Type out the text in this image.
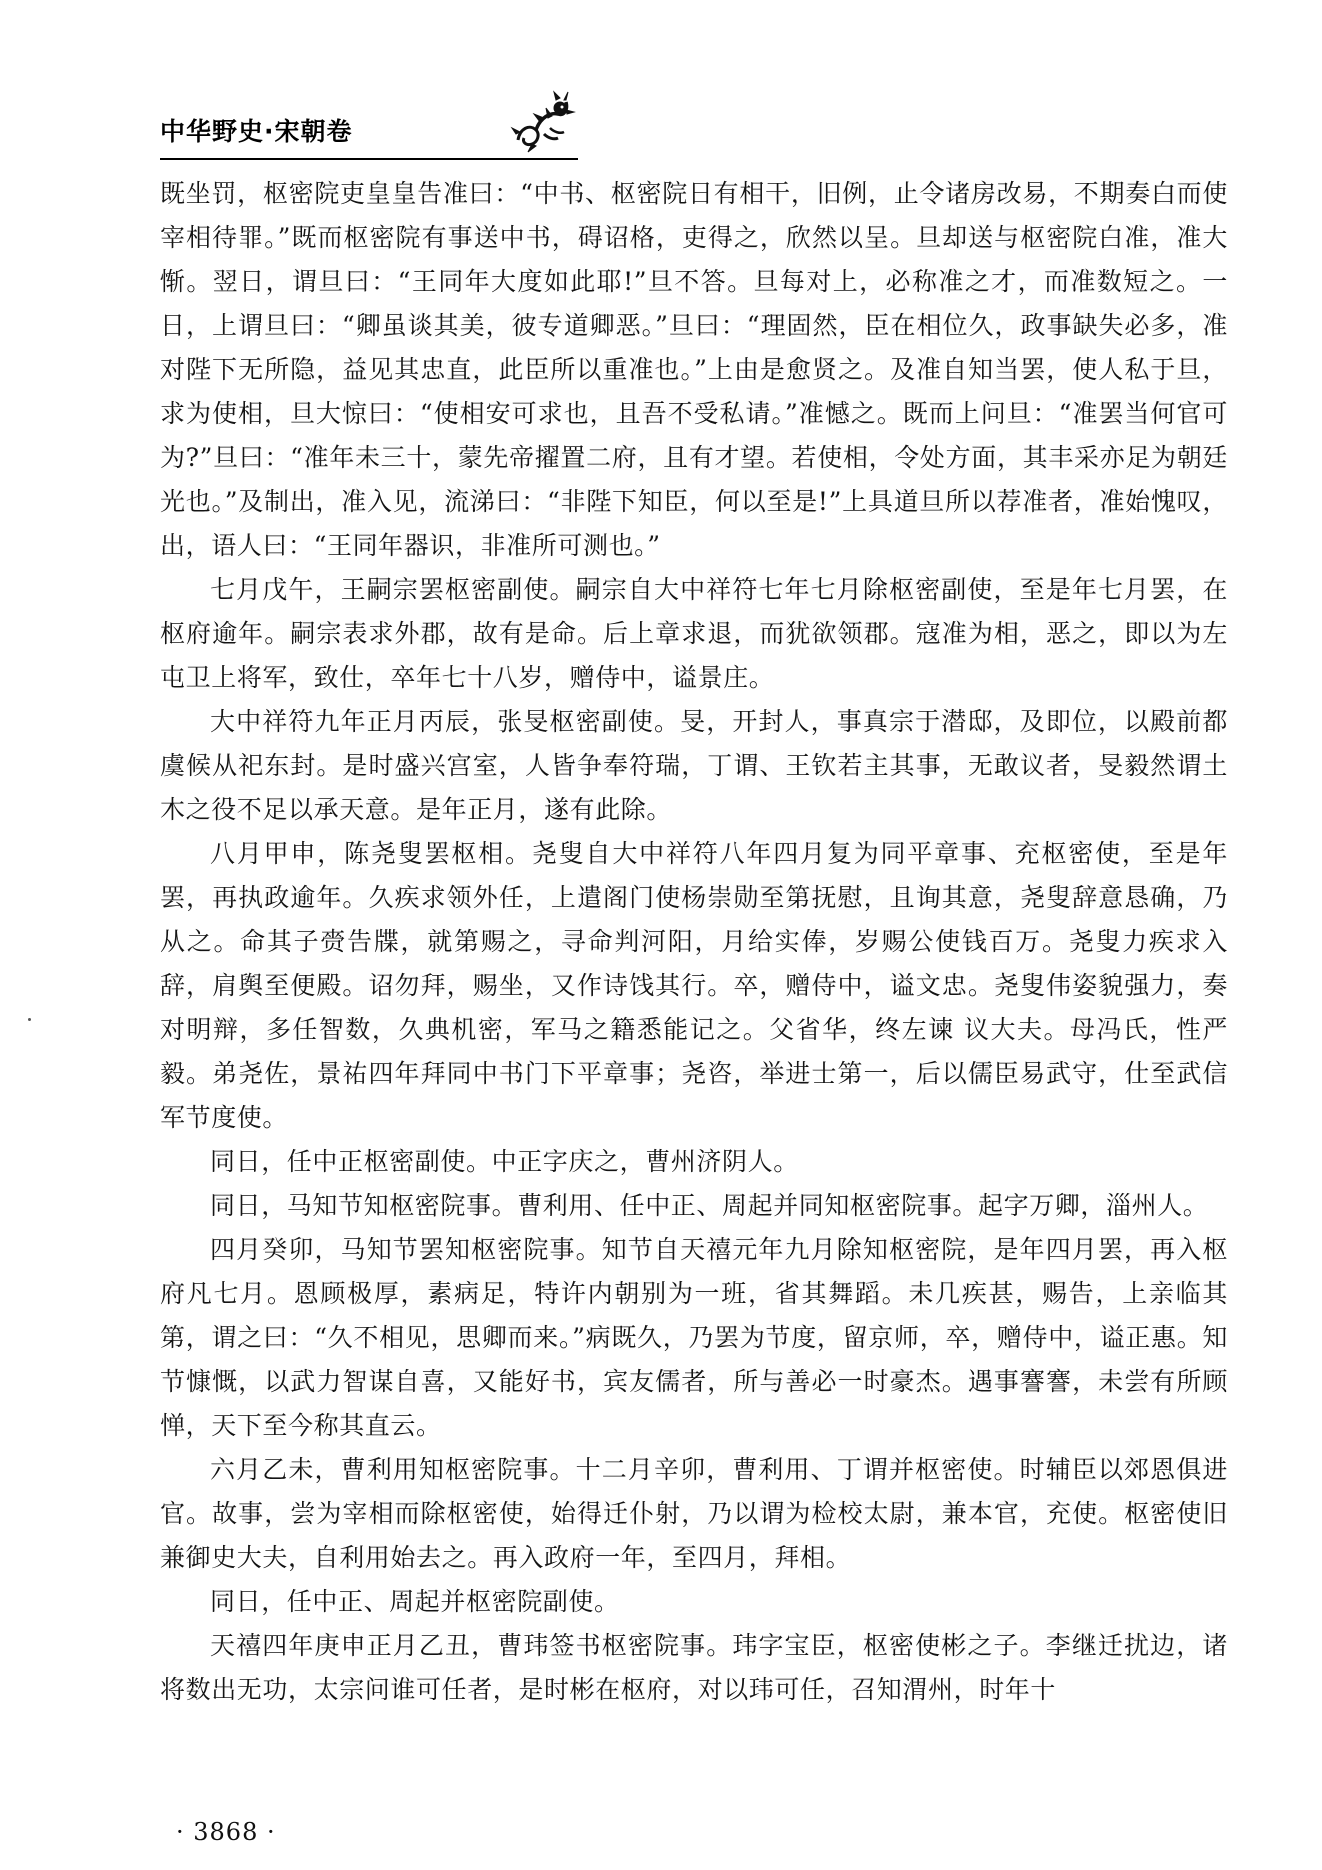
中华野史·宋朝卷

既坐罚，枢密院吏皇皇告准曰：“中书、枢密院日有相干，旧例，止令诸房改易，不期奏白而使宰相待罪。”既而枢密院有事送中书，碍诏格，吏得之，欣然以呈。旦却送与枢密院白准，准大惭。翌日，谓旦曰：“王同年大度如此耶!”旦不答。旦每对上，必称准之才，而准数短之。一日，上谓旦曰：“卿虽谈其美，彼专道卿恶。”旦曰：“理固然，臣在相位久，政事缺失必多，准对陛下无所隐，益见其忠直，此臣所以重准也。”上由是愈贤之。及准自知当罢，使人私于旦，求为使相，旦大惊曰：“使相安可求也，且吾不受私请。”准憾之。既而上问旦：“准罢当何官可为?”旦曰：“准年未三十，蒙先帝擢置二府，且有才望。若使相，令处方面，其丰采亦足为朝廷光也。”及制出，准入见，流涕曰：“非陛下知臣，何以至是!”上具道旦所以荐准者，准始愧叹，出，语人曰：“王同年器识，非准所可测也。”

七月戊午，王嗣宗罢枢密副使。嗣宗自大中祥符七年七月除枢密副使，至是年七月罢，在枢府逾年。嗣宗表求外郡，故有是命。后上章求退，而犹欲领郡。寇准为相，恶之，即以为左屯卫上将军，致仕，卒年七十八岁，赠侍中，谥景庄。

大中祥符九年正月丙辰，张旻枢密副使。旻，开封人，事真宗于潜邸，及即位，以殿前都虞候从祀东封。是时盛兴宫室，人皆争奉符瑞，丁谓、王钦若主其事，无敢议者，旻毅然谓土木之役不足以承天意。是年正月，遂有此除。

八月甲申，陈尧叟罢枢相。尧叟自大中祥符八年四月复为同平章事、充枢密使，至是年罢，再执政逾年。久疾求领外任，上遣阁门使杨崇勋至第抚慰，且询其意，尧叟辞意恳确，乃从之。命其子赍告牒，就第赐之，寻命判河阳，月给实俸，岁赐公使钱百万。尧叟力疾求入辞，肩舆至便殿。诏勿拜，赐坐，又作诗饯其行。卒，赠侍中，谥文忠。尧叟伟姿貌强力，奏对明辩，多任智数，久典机密，军马之籍悉能记之。父省华，终左谏 议大夫。母冯氏，性严毅。弟尧佐，景祐四年拜同中书门下平章事；尧咨，举进士第一，后以儒臣易武守，仕至武信军节度使。

同日，任中正枢密副使。中正字庆之，曹州济阴人。

同日，马知节知枢密院事。曹利用、任中正、周起并同知枢密院事。起字万卿，淄州人。

四月癸卯，马知节罢知枢密院事。知节自天禧元年九月除知枢密院，是年四月罢，再入枢府凡七月。恩顾极厚，素病足，特许内朝别为一班，省其舞蹈。未几疾甚，赐告，上亲临其第，谓之曰：“久不相见，思卿而来。”病既久，乃罢为节度，留京师，卒，赠侍中，谥正惠。知节慷慨，以武力智谋自喜，又能好书，宾友儒者，所与善必一时豪杰。遇事謇謇，未尝有所顾惮，天下至今称其直云。

六月乙未，曹利用知枢密院事。十二月辛卯，曹利用、丁谓并枢密使。时辅臣以郊恩俱进官。故事，尝为宰相而除枢密使，始得迁仆射，乃以谓为检校太尉，兼本官，充使。枢密使旧兼御史大夫，自利用始去之。再入政府一年，至四月，拜相。

同日，任中正、周起并枢密院副使。

天禧四年庚申正月乙丑，曹玮签书枢密院事。玮字宝臣，枢密使彬之子。李继迁扰边，诸将数出无功，太宗问谁可任者，是时彬在枢府，对以玮可任，召知渭州，时年十

· 3868 ·
